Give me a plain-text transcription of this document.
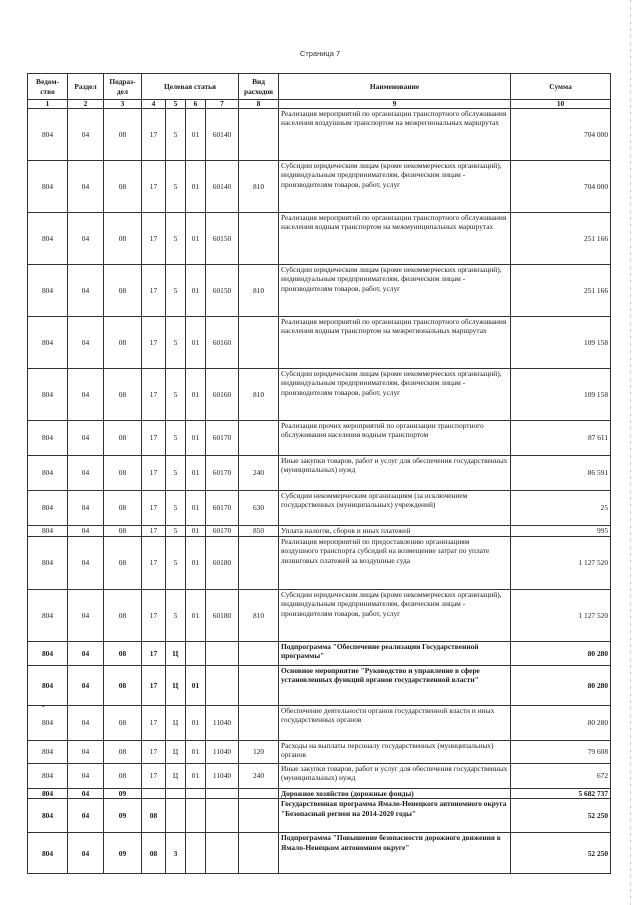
Страница 7
•
Ведом-ство	Раздел	Подраз-дел	Целевая статья				Вид расходов	Наименование	Сумма
1	2	3	4	5	6	7	8	9	10
804	04	08	17	5	01	60140		Реализация мероприятий по организации транспортного обслуживания населения воздушным транспортом на межрегиональных маршрутах	704 000
804	04	08	17	5	01	60140	810	Субсидии юридическим лицам (кроме некоммерческих организаций), индивидуальным предпринимателям, физическим лицам - производителям товаров, работ, услуг	704 000
804	04	08	17	5	01	60150		Реализация мероприятий по организации транспортного обслуживания населения водным транспортом на межмуниципальных маршрутах	251 166
804	04	08	17	5	01	60150	810	Субсидии юридическим лицам (кроме некоммерческих организаций), индивидуальным предпринимателям, физическим лицам - производителям товаров, работ, услуг	251 166
804	04	08	17	5	01	60160		Реализация мероприятий по организации транспортного обслуживания населения водным транспортом на межрегиональных маршрутах	109 158
804	04	08	17	5	01	60160	810	Субсидии юридическим лицам (кроме некоммерческих организаций), индивидуальным предпринимателям, физическим лицам - производителям товаров, работ, услуг	109 158
804	04	08	17	5	01	60170		Реализация прочих мероприятий по организации транспортного обслуживания населения водным транспортом	87 611
804	04	08	17	5	01	60170	240	Иные закупки товаров, работ и услуг для обеспечения государственных (муниципальных) нужд	86 591
804	04	08	17	5	01	60170	630	Субсидии некоммерческим организациям (за исключением государственных (муниципальных) учреждений)	25
804	04	08	17	5	01	60170	850	Уплата налогов, сборов и иных платежей	995
804	04	08	17	5	01	60180		Реализация мероприятий по предоставлению организациям воздушного транспорта субсидий на возмещение затрат по уплате лизинговых платежей за воздушные суда	1 127 520
804	04	08	17	5	01	60180	810	Субсидии юридическим лицам (кроме некоммерческих организаций), индивидуальным предпринимателям, физическим лицам - производителям товаров, работ, услуг	1 127 520
804	04	08	17	Ц				Подпрограмма "Обеспечение реализации Государственной программы"	80 280
804	04	08	17	Ц	01			Основное мероприятие "Руководство и управление в сфере установленных функций органов государственной власти"	80 280
804	04	08	17	Ц	01	11040		Обеспечение деятельности органов государственной власти и иных государственных органов	80 280
804	04	08	17	Ц	01	11040	120	Расходы на выплаты персоналу государственных (муниципальных) органов	79 608
804	04	08	17	Ц	01	11040	240	Иные закупки товаров, работ и услуг для обеспечения государственных (муниципальных) нужд	672
804	04	09						Дорожное хозяйство (дорожные фонды)	5 682 737
804	04	09	08					Государственная программа Ямало-Ненецкого автономного округа "Безопасный регион на 2014-2020 годы"	52 250
804	04	09	08	3				Подпрограмма "Повышение безопасности дорожного движения в Ямало-Ненецком автономном округе"	52 250
